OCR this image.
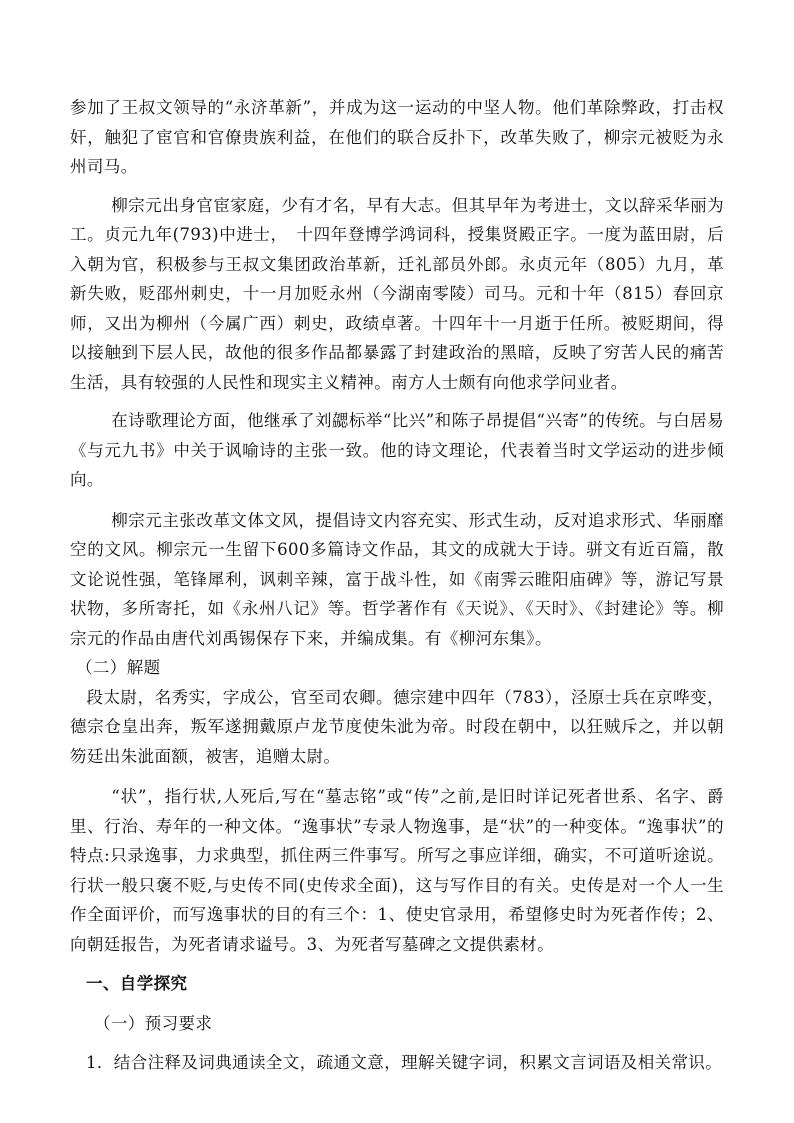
参加了王叔文领导的“永济革新”，并成为这一运动的中坚人物。他们革除弊政，打击权奸，触犯了宦官和官僚贵族利益，在他们的联合反扑下，改革失败了，柳宗元被贬为永州司马。

柳宗元出身官宦家庭，少有才名，早有大志。但其早年为考进士，文以辞采华丽为工。贞元九年(793)中进士，　十四年登博学鸿词科，授集贤殿正字。一度为蓝田尉，后入朝为官，积极参与王叔文集团政治革新，迁礼部员外郎。永贞元年（805）九月，革新失败，贬邵州刺史，十一月加贬永州（今湖南零陵）司马。元和十年（815）春回京师，又出为柳州（今属广西）刺史，政绩卓著。十四年十一月逝于任所。被贬期间，得以接触到下层人民，故他的很多作品都暴露了封建政治的黑暗，反映了穷苦人民的痛苦生活，具有较强的人民性和现实主义精神。南方人士颇有向他求学问业者。

在诗歌理论方面，他继承了刘勰标举“比兴”和陈子昂提倡“兴寄”的传统。与白居易《与元九书》中关于讽喻诗的主张一致。他的诗文理论，代表着当时文学运动的进步倾向。

柳宗元主张改革文体文风，提倡诗文内容充实、形式生动，反对追求形式、华丽靡空的文风。柳宗元一生留下600多篇诗文作品，其文的成就大于诗。骈文有近百篇，散文论说性强，笔锋犀利，讽刺辛辣，富于战斗性，如《南霁云睢阳庙碑》等，游记写景状物，多所寄托，如《永州八记》等。哲学著作有《天说》、《天时》、《封建论》等。柳宗元的作品由唐代刘禹锡保存下来，并编成集。有《柳河东集》。

（二）解题

段太尉，名秀实，字成公，官至司农卿。德宗建中四年（783），泾原士兵在京哗变，德宗仓皇出奔，叛军遂拥戴原卢龙节度使朱泚为帝。时段在朝中，以狂贼斥之，并以朝笏廷出朱泚面额，被害，追赠太尉。

“状”，指行状,人死后,写在“墓志铭”或“传”之前,是旧时详记死者世系、名字、爵里、行治、寿年的一种文体。“逸事状”专录人物逸事，是“状”的一种变体。“逸事状”的特点:只录逸事，力求典型，抓住两三件事写。所写之事应详细，确实，不可道听途说。行状一般只褒不贬,与史传不同(史传求全面)，这与写作目的有关。史传是对一个人一生作全面评价，而写逸事状的目的有三个：1、使史官录用，希望修史时为死者作传；2、向朝廷报告，为死者请求谥号。3、为死者写墓碑之文提供素材。

一、自学探究

（一）预习要求

1．结合注释及词典通读全文，疏通文意，理解关键字词，积累文言词语及相关常识。
